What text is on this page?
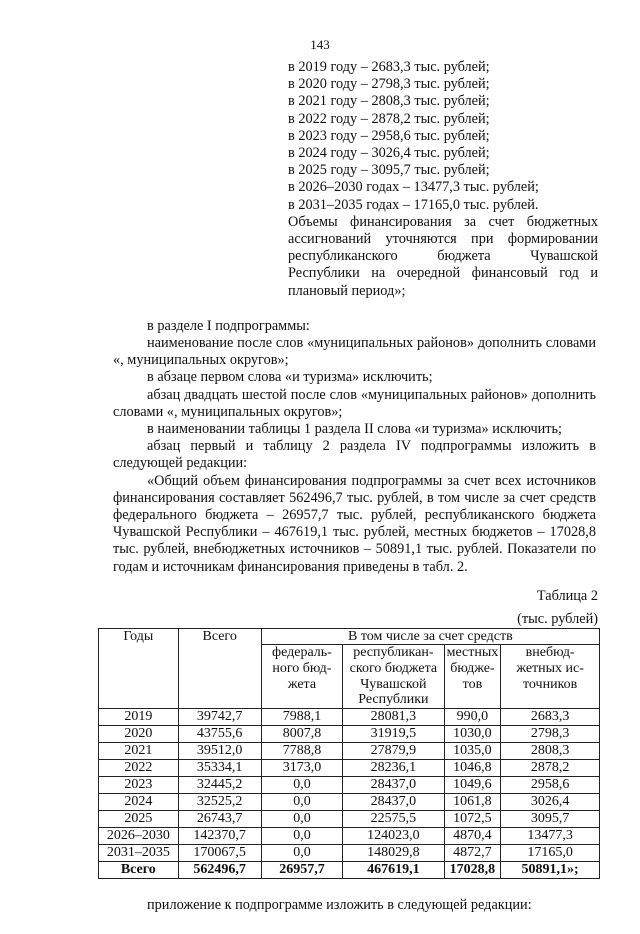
143
в 2019 году – 2683,3 тыс. рублей;
в 2020 году – 2798,3 тыс. рублей;
в 2021 году – 2808,3 тыс. рублей;
в 2022 году – 2878,2 тыс. рублей;
в 2023 году – 2958,6 тыс. рублей;
в 2024 году – 3026,4 тыс. рублей;
в 2025 году – 3095,7 тыс. рублей;
в 2026–2030 годах – 13477,3 тыс. рублей;
в 2031–2035 годах – 17165,0 тыс. рублей.
Объемы финансирования за счет бюджетных ассигнований уточняются при формировании республиканского бюджета Чувашской Республики на очередной финансовый год и плановый период»;

в разделе I подпрограммы:

наименование после слов «муниципальных районов» дополнить словами «, муниципальных округов»;

в абзаце первом слова «и туризма» исключить;

абзац двадцать шестой после слов «муниципальных районов» дополнить словами «, муниципальных округов»;

в наименовании таблицы 1 раздела II слова «и туризма» исключить;

абзац первый и таблицу 2 раздела IV подпрограммы изложить в следующей редакции:

«Общий объем финансирования подпрограммы за счет всех источников финансирования составляет 562496,7 тыс. рублей, в том числе за счет средств федерального бюджета – 26957,7 тыс. рублей, республиканского бюджета Чувашской Республики – 467619,1 тыс. рублей, местных бюджетов – 17028,8 тыс. рублей, внебюджетных источников – 50891,1 тыс. рублей. Показатели по годам и источникам финансирования приведены в табл. 2.

Таблица 2
(тыс. рублей)
Годы	Всего	В том числе за счет средств			
		федераль-ного бюд-жета	республикан-ского бюджета Чувашской Республики	местных бюдже-тов	внебюд-жетных ис-точников
2019	39742,7	7988,1	28081,3	990,0	2683,3
2020	43755,6	8007,8	31919,5	1030,0	2798,3
2021	39512,0	7788,8	27879,9	1035,0	2808,3
2022	35334,1	3173,0	28236,1	1046,8	2878,2
2023	32445,2	0,0	28437,0	1049,6	2958,6
2024	32525,2	0,0	28437,0	1061,8	3026,4
2025	26743,7	0,0	22575,5	1072,5	3095,7
2026–2030	142370,7	0,0	124023,0	4870,4	13477,3
2031–2035	170067,5	0,0	148029,8	4872,7	17165,0
Всего	562496,7	26957,7	467619,1	17028,8	50891,1»;
приложение к подпрограмме изложить в следующей редакции:
